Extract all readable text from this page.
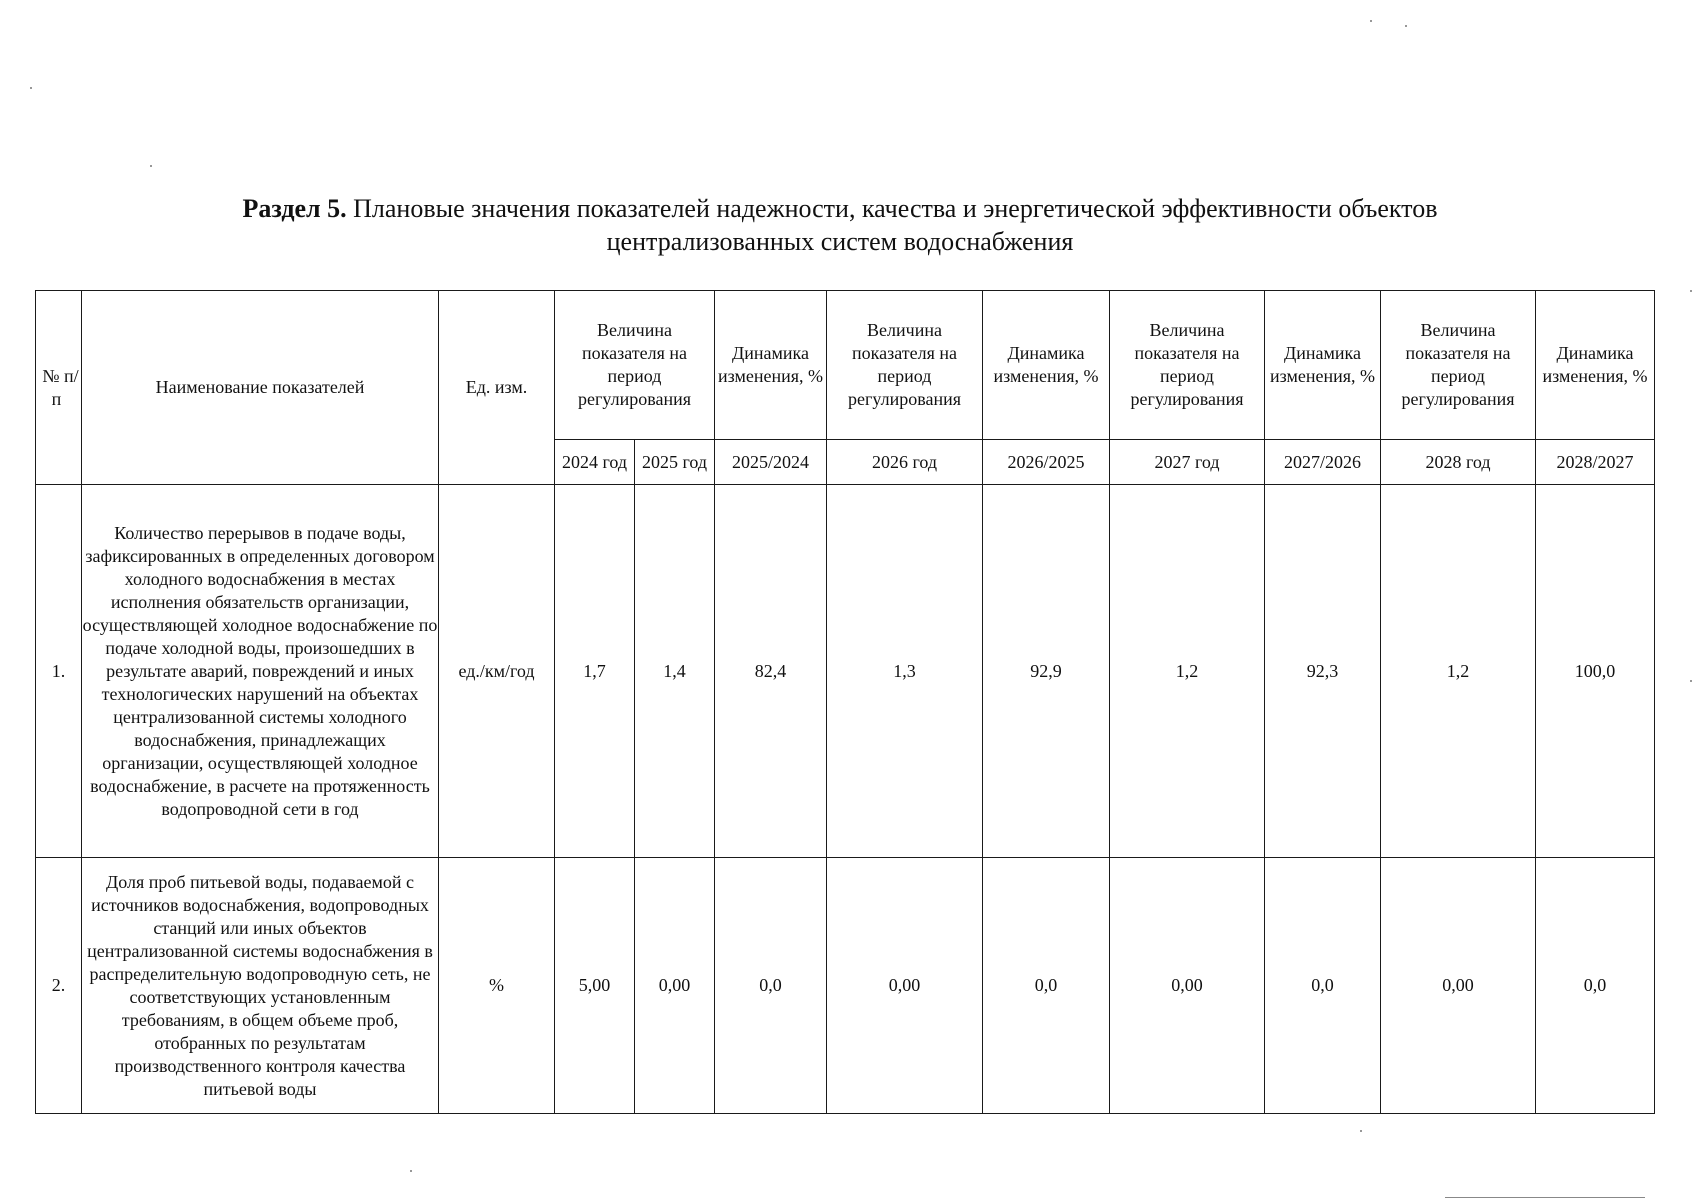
Раздел 5. Плановые значения показателей надежности, качества и энергетической эффективности объектов
централизованных систем водоснабжения
№ п/п	Наименование показателей	Ед. изм.	Величина показателя на период регулирования		Динамика изменения, %	Величина показателя на период регулирования	Динамика изменения, %	Величина показателя на период регулирования	Динамика изменения, %	Величина показателя на период регулирования	Динамика изменения, %
			2024 год	2025 год	2025/2024	2026 год	2026/2025	2027 год	2027/2026	2028 год	2028/2027
1.	Количество перерывов в подаче воды, зафиксированных в определенных договором холодного водоснабжения в местах исполнения обязательств организации, осуществляющей холодное водоснабжение по подаче холодной воды, произошедших в результате аварий, повреждений и иных технологических нарушений на объектах централизованной системы холодного водоснабжения, принадлежащих организации, осуществляющей холодное водоснабжение, в расчете на протяженность водопроводной сети в год	ед./км/год	1,7	1,4	82,4	1,3	92,9	1,2	92,3	1,2	100,0
2.	Доля проб питьевой воды, подаваемой с источников водоснабжения, водопроводных станций или иных объектов централизованной системы водоснабжения в распределительную водопроводную сеть, не соответствующих установленным требованиям, в общем объеме проб, отобранных по результатам производственного контроля качества питьевой воды	%	5,00	0,00	0,0	0,00	0,0	0,00	0,0	0,00	0,0
